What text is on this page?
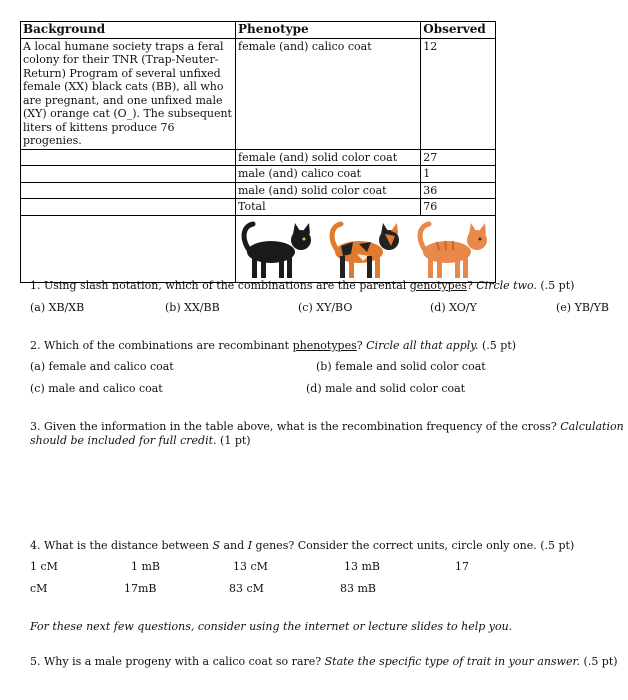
Background	Phenotype	Observed
A local humane society traps a feral colony for their TNR (Trap-Neuter-Return) Program of several unfixed female (XX) black cats (BB), all who are pregnant, and one unfixed male (XY) orange cat (O_). The subsequent liters of kittens produce 76 progenies.	female (and) calico coat	12
	female (and) solid color coat	27
	male (and) calico coat	1
	male (and) solid color coat	36
	Total	76

1. Using slash notation, which of the combinations are the parental genotypes? Circle two. (.5 pt)
(a) XB/XB	(b) XX/BB	(c) XY/BO	(d) XO/Y	(e) YB/YB
2. Which of the combinations are recombinant phenotypes? Circle all that apply. (.5 pt)
(a) female and calico coat	(b) female and solid color coat
(c) male and calico coat	(d) male and solid color coat
3. Given the information in the table above, what is the recombination frequency of the cross? Calculation
should be included for full credit. (1 pt)
4. What is the distance between S and I genes? Consider the correct units, circle only one. (.5 pt)
1 cM	1 mB	13 cM	13 mB	17
cM	17mB	83 cM	83 mB
For these next few questions, consider using the internet or lecture slides to help you.
5. Why is a male progeny with a calico coat so rare? State the specific type of trait in your answer. (.5 pt)
